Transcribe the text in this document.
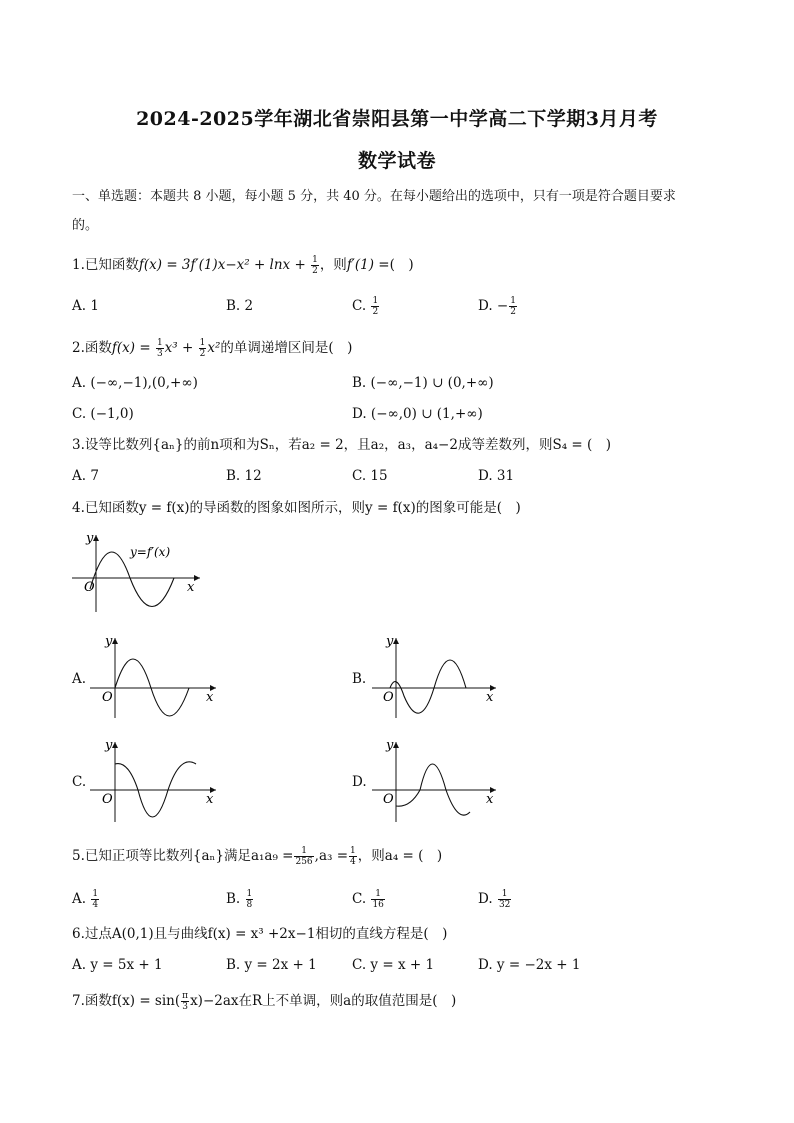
2024-2025学年湖北省崇阳县第一中学高二下学期3月月考
数学试卷
一、单选题：本题共 8 小题，每小题 5 分，共 40 分。在每小题给出的选项中，只有一项是符合题目要求
的。
1.已知函数$f(x) = 3f'(1)x-x^2 + \ln x + \frac{1}{2}$ ，则f′(1) =(　)
A. 1	B. 2	C. $\frac{1}{2}$	D. − $\frac{1}{2}$
2.函数$f(x) = \frac{1}{3} x^3 + \frac{1}{2} x^2$的单调递增区间是(　)
A. (−∞,−1),(0,+∞)	B. (−∞,−1) ∪ (0,+∞)
C. (−1,0)	D. (−∞,0) ∪ (1,+∞)
3.设等比数列{aₙ}的前n项和为Sₙ，若a₂ = 2，且a₂，a₃，a₄−2成等差数列，则S₄ = (　)
A. 7	B. 12	C. 15	D. 31
4.已知函数y = f(x)的导函数的图象如图所示，则y = f(x)的图象可能是(　)
y
x
O
y=f′(x)
A.
y
x
O
B.
y
x
O
C.
y
x
O
D.
y
x
O
5.已知正项等比数列{aₙ}满足$a_1a_9 = \frac{1}{256} ,a_3 = \frac{1}{4}$ ，则a₄ = (　)
A. $\frac{1}{4}$	B. $\frac{1}{8}$	C. $\frac{1}{16}$	D. $\frac{1}{32}$
6.过点A(0,1)且与曲线f(x) = x³ +2x−1相切的直线方程是(　)
A. y = 5x + 1	B. y = 2x + 1	C. y = x + 1	D. y = −2x + 1
7.函数$f(x) = \sin( \frac{\pi}{3} x)-2ax$在R上不单调，则a的取值范围是(　)
